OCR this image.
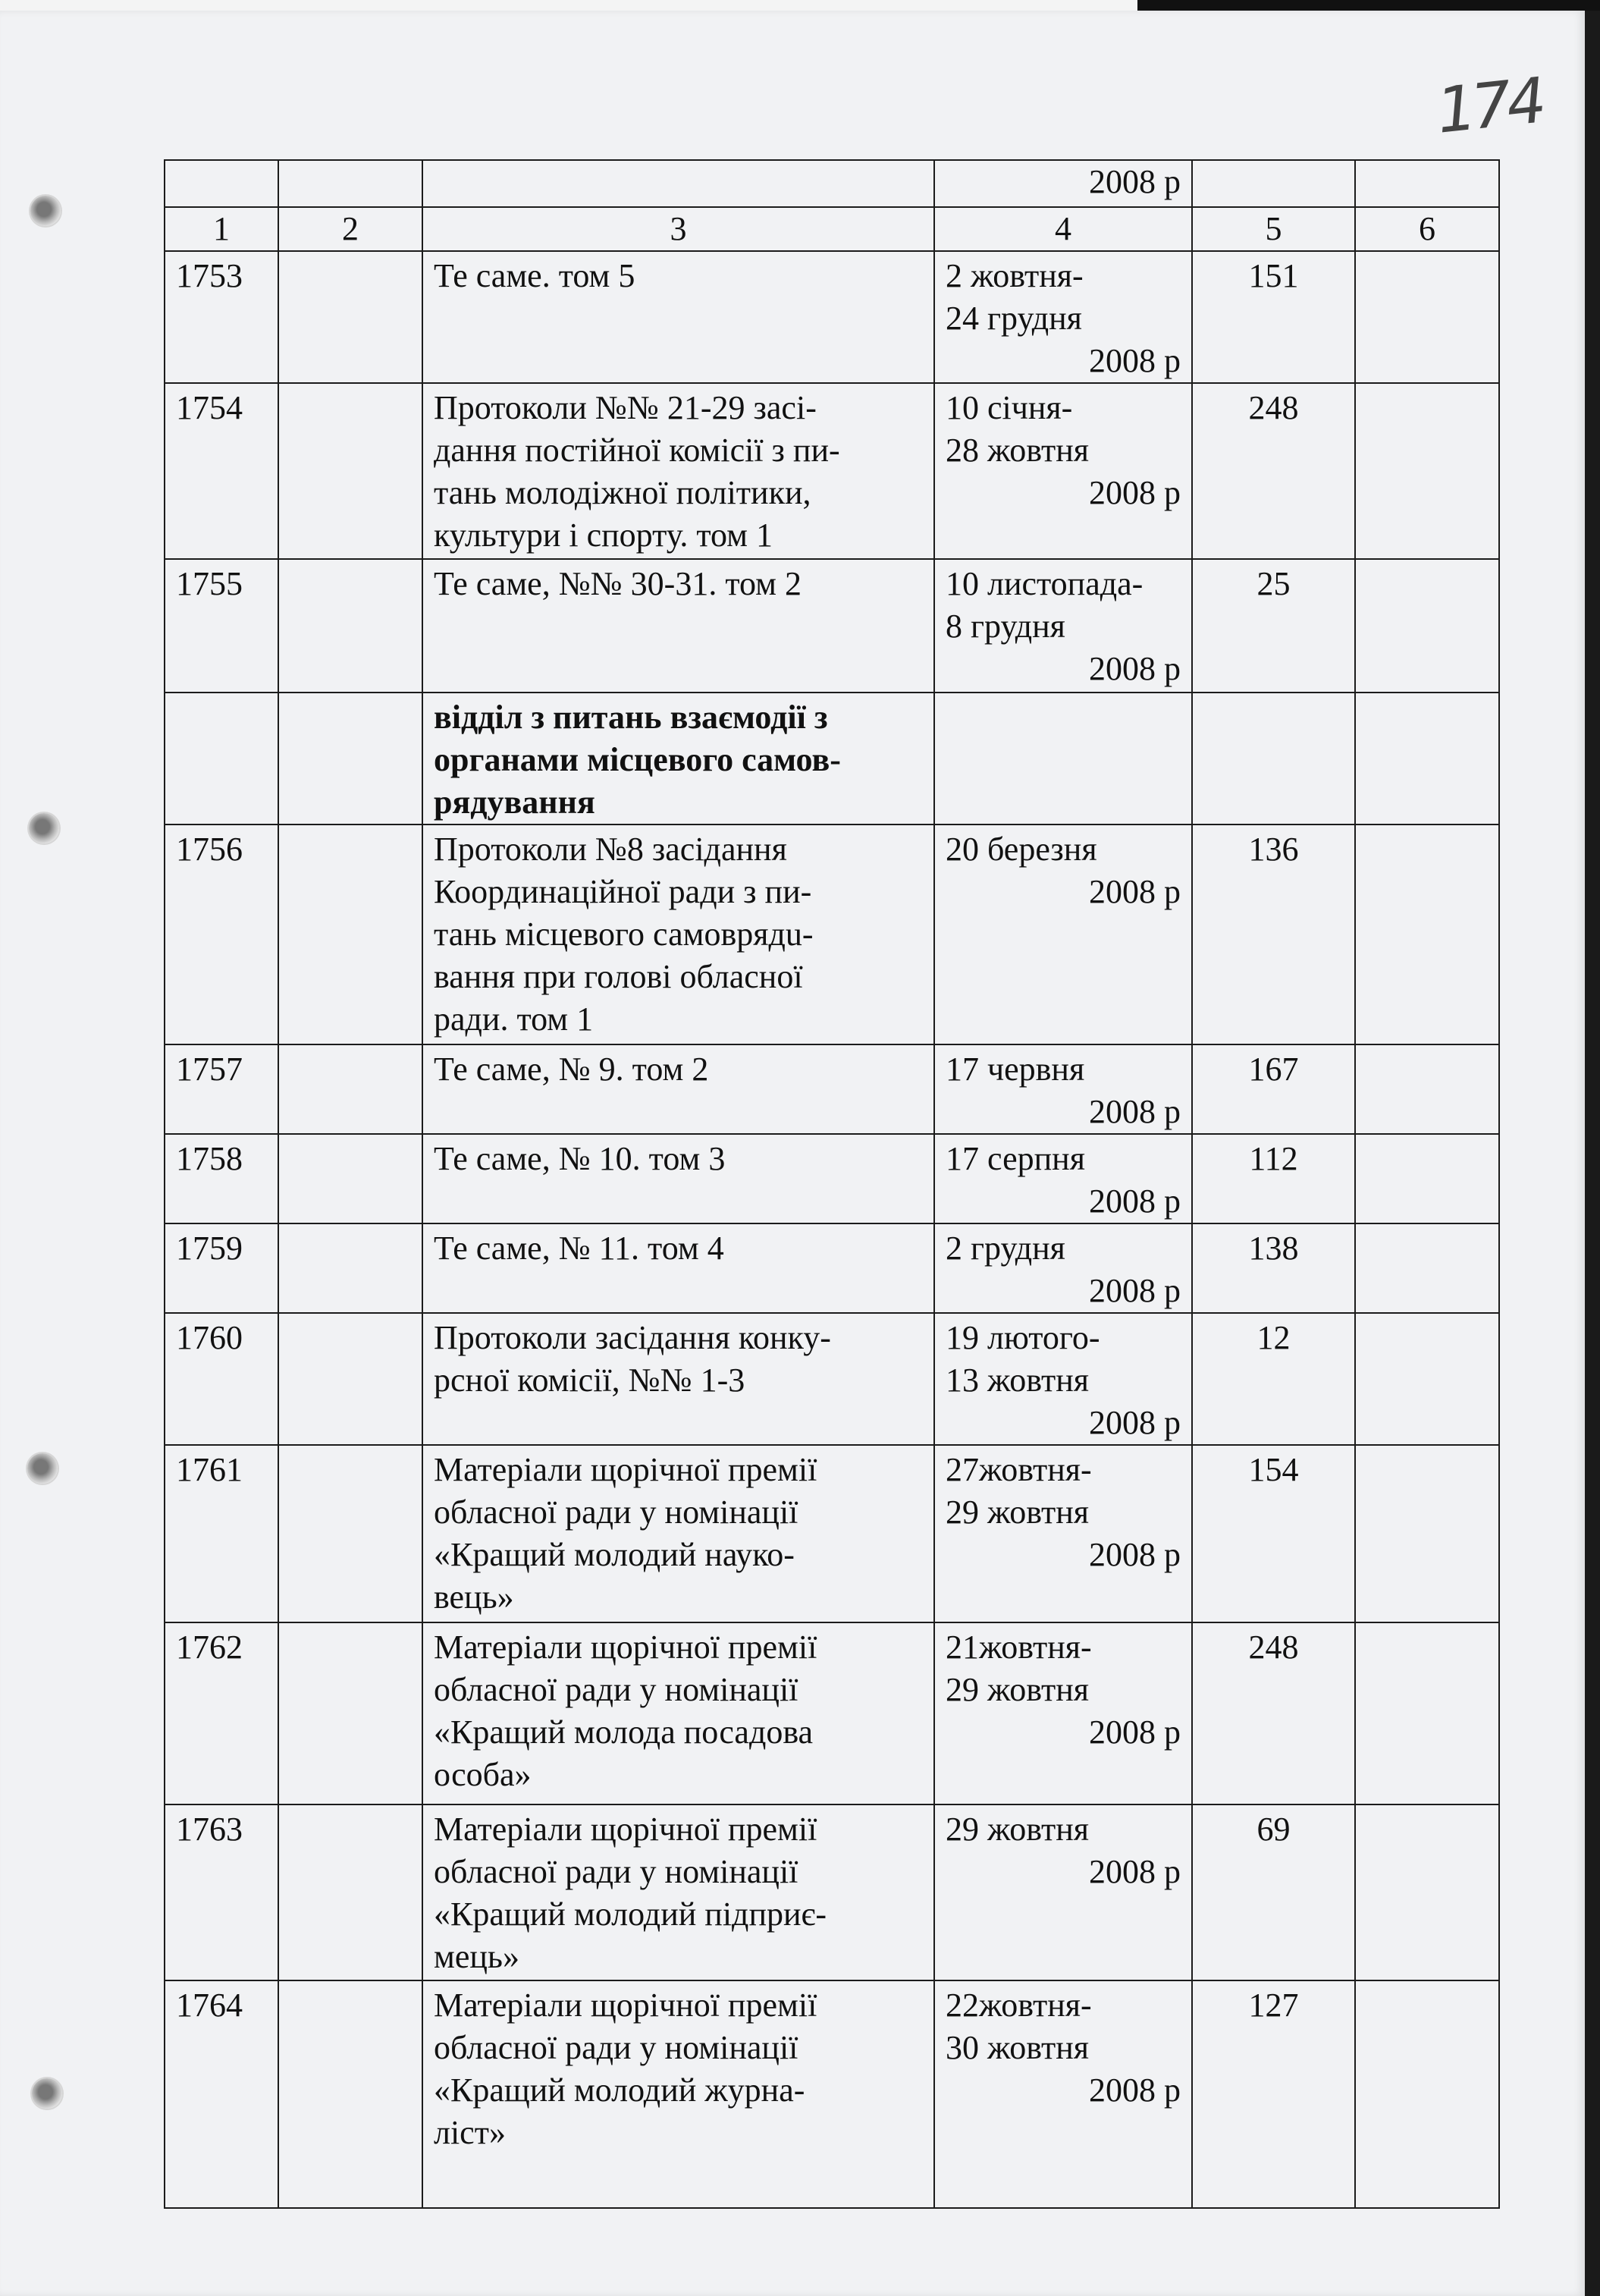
174
			2008 р		
1	2	3	4	5	6
1753		Те саме. том 5	2 жовтня-
24 грудня
2008 р	151	
1754		Протоколи №№ 21-29 засі-
дання постійної комісії з пи-
тань молодіжної політики,
культури і спорту. том 1	10 січня-
28 жовтня
2008 р	248	
1755		Те саме, №№ 30-31. том 2	10 листопада-
8 грудня
2008 р	25	

		відділ з питань взаємодії з
органами місцевого самов-
рядування			

1756		Протоколи №8 засідання
Координаційної ради з пи-
тань місцевого самоврядu-
вання при голові обласної
ради. том 1	20 березня
2008 р	136	
1757		Те саме, № 9. том 2	17 червня
2008 р	167	
1758		Те саме, № 10. том 3	17 серпня
2008 р	112	
1759		Те саме, № 11. том 4	2 грудня
2008 р	138	
1760		Протоколи засідання конку-
рсної комісії, №№ 1-3	19 лютого-
13 жовтня
2008 р	12	
1761		Матеріали щорічної премії
обласної ради у номінації
«Кращий молодий науко-
вець»	27жовтня-
29 жовтня
2008 р	154	
1762		Матеріали щорічної премії
обласної ради у номінації
«Кращий молода посадова
особа»	21жовтня-
29 жовтня
2008 р	248	
1763		Матеріали щорічної премії
обласної ради у номінації
«Кращий молодий підприє-
мець»	29 жовтня
2008 р	69	
1764		Матеріали щорічної премії
обласної ради у номінації
«Кращий молодий журна-
ліст»	22жовтня-
30 жовтня
2008 р	127	
